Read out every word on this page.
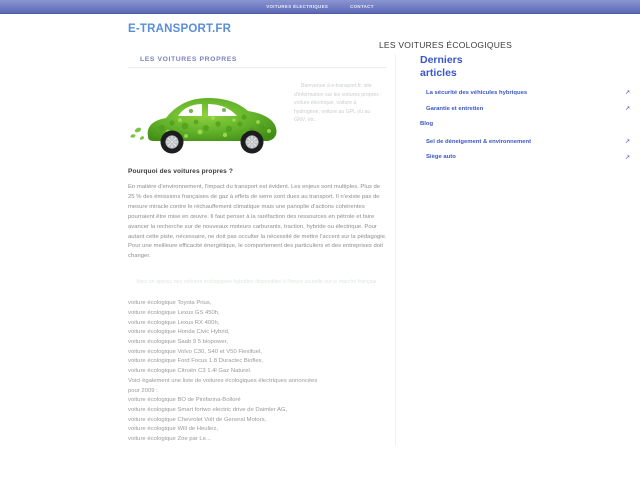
VOITURES ÉLECTRIQUES	CONTACT
E-TRANSPORT.FR
LES VOITURES ÉCOLOGIQUES
LES VOITURES PROPRES
Bienvenue à e-transport.fr, site d'information sur les voitures propres : voiture électrique, voiture à hydrogène, voiture au GPL ou au GNV, etc.
Pourquoi des voitures propres ?

En matière d'environnement, l'impact du transport est évident. Les enjeux sont multiples. Plus de 25 % des émissions françaises de gaz à effets de serre sont dues au transport. Il n'existe pas de mesure miracle contre le réchauffement climatique mais une panoplie d'actions cohérentes pourraient être mise en œuvre. Il faut penser à la raréfaction des ressources en pétrole et faire avancer la recherche sur de nouveaux moteurs carburants, traction, hybride ou électrique. Pour autant cette piste, nécessaire, ne doit pas occulter la nécessité de mettre l'accent sur la pédagogie. Pour une meilleure efficacité énergétique, le comportement des particuliers et des entreprises doit changer.

Voici un aperçu des voitures écologiques hybrides disponibles à l'heure acutelle sur le marché français

voiture écologique Toyota Prius,
voiture écologique Lexus GS 450h,
voiture écologique Lexus RX 400h,
voiture écologique Honda Civic Hybrid,
voiture écologique Saab 9 5 biopower,
voiture écologique Volvo C30, S40 et V50 Flexifuel,
voiture écologique Ford Focus 1.8 Duractec Bioflex,
voiture écologique Citroën C3 1.4l Gaz Naturel.
Voici également une liste de voitures écologiques électriques annoncées
pour 2009 :
voiture écologique BO de Pinifarina-Bolloré
voiture écologique Smart fortwo electric drive de Daimler AG,
voiture écologique Chevrolet Volt de General Motors,
voiture écologique Will de Heuliez,
voiture écologique Zoe par Le...
Derniers articles
La sécurité des véhicules hybriques	↗
Garantie et entretien	↗
Blog
Sel de déneigement & environnement	↗
Siège auto	↗
